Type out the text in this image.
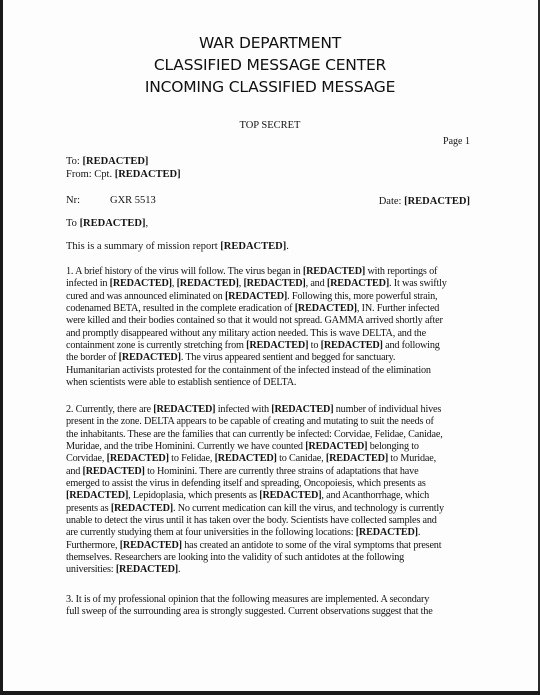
WAR DEPARTMENT
CLASSIFIED MESSAGE CENTER
INCOMING CLASSIFIED MESSAGE
TOP SECRET
Page 1
To: [REDACTED]
From: Cpt. [REDACTED]
Nr:	GXR 5513	Date: [REDACTED]
To [REDACTED],
This is a summary of mission report [REDACTED].
1. A brief history of the virus will follow. The virus began in [REDACTED] with reportings of
infected in [REDACTED], [REDACTED], [REDACTED], and [REDACTED]. It was swiftly
cured and was announced eliminated on [REDACTED]. Following this, more powerful strain,
codenamed BETA, resulted in the complete eradication of [REDACTED], IN. Further infected
were killed and their bodies contained so that it would not spread. GAMMA arrived shortly after
and promptly disappeared without any military action needed. This is wave DELTA, and the
containment zone is currently stretching from [REDACTED] to [REDACTED] and following
the border of [REDACTED]. The virus appeared sentient and begged for sanctuary.
Humanitarian activists protested for the containment of the infected instead of the elimination
when scientists were able to establish sentience of DELTA.
2. Currently, there are [REDACTED] infected with [REDACTED] number of individual hives
present in the zone. DELTA appears to be capable of creating and mutating to suit the needs of
the inhabitants. These are the families that can currently be infected: Corvidae, Felidae, Canidae,
Muridae, and the tribe Hominini. Currently we have counted [REDACTED] belonging to
Corvidae, [REDACTED] to Felidae, [REDACTED] to Canidae, [REDACTED] to Muridae,
and [REDACTED] to Hominini. There are currently three strains of adaptations that have
emerged to assist the virus in defending itself and spreading, Oncopoiesis, which presents as
[REDACTED], Lepidoplasia, which presents as [REDACTED], and Acanthorrhage, which
presents as [REDACTED]. No current medication can kill the virus, and technology is currently
unable to detect the virus until it has taken over the body. Scientists have collected samples and
are currently studying them at four universities in the following locations: [REDACTED].
Furthermore, [REDACTED] has created an antidote to some of the viral symptoms that present
themselves. Researchers are looking into the validity of such antidotes at the following
universities: [REDACTED].
3. It is of my professional opinion that the following measures are implemented. A secondary
full sweep of the surrounding area is strongly suggested. Current observations suggest that the
